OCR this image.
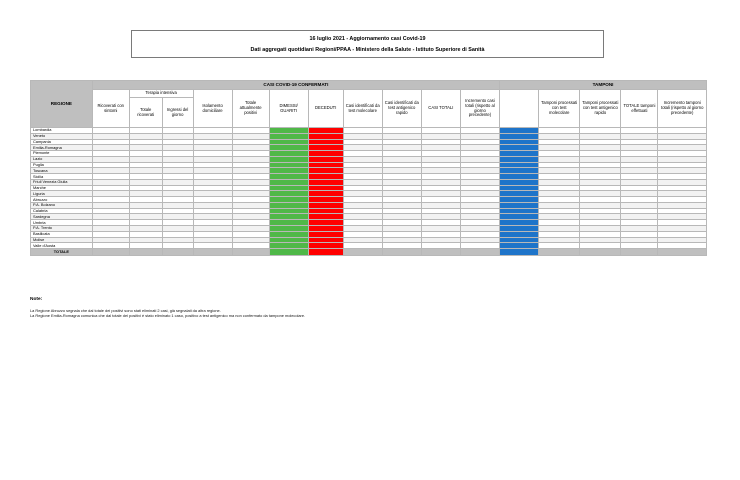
16 luglio 2021 - Aggiornamento casi Covid-19
Dati aggregati quotidiani Regioni/PPAA - Ministero della Salute - Istituto Superiore di Sanità
REGIONE	CASI COVID-19 CONFERMATI											TAMPONI				
	Ricoverati con sintomi	Terapia intensiva		Isolamento domiciliare	Totale attualmente positivi	DIMESSI/ GUARITI	DECEDUTI	Casi identificati da test molecolare	Casi identificati da test antigenico rapido	CASI TOTALI	Incremento casi totali (rispetto al giorno precedente)	Totale persone testate	Tamponi processati con test molecolare	Tamponi processati con test antigenico rapido	TOTALE tamponi effettuati	Incremento tamponi totali (rispetto al giorno precedente)
		Totale ricoverati	Ingressi del giorno													
Lombardia																
Veneto																
Campania																
Emilia-Romagna																
Piemonte																
Lazio																
Puglia																
Toscana																
Sicilia																
Friuli Venezia Giulia																
Marche																
Liguria																
Abruzzo																
P.A. Bolzano																
Calabria																
Sardegna																
Umbria																
P.A. Trento																
Basilicata																
Molise																
Valle d'Aosta																
TOTALE																
Note:
La Regione Abruzzo segnala che dal totale dei positivi sono stati eliminati 2 casi, già segnalati da altra regione.
La Regione Emilia-Romagna comunica che dal totale dei positivi è stato eliminato 1 caso, positivo a test antigenico ma non confermato da tampone molecolare.
